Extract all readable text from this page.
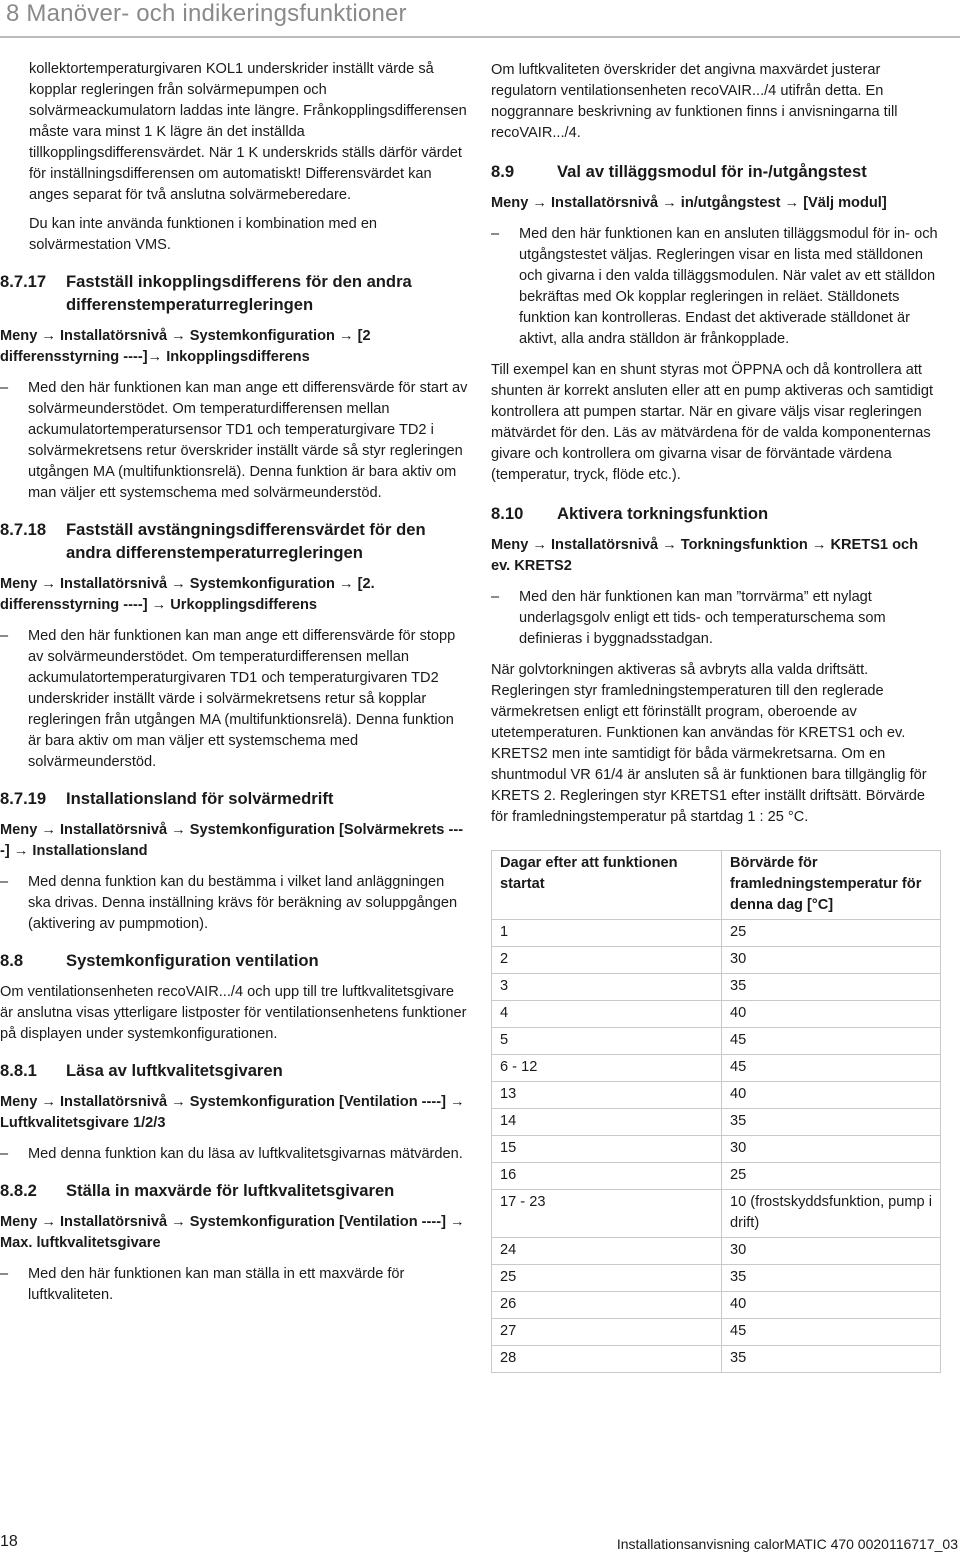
8 Manöver- och indikeringsfunktioner

kollektortemperaturgivaren KOL1 underskrider inställt värde så kopplar regleringen från solvärmepumpen och solvärmeackumulatorn laddas inte längre. Frånkopplingsdifferensen måste vara minst 1 K lägre än det inställda tillkopplingsdifferensvärdet. När 1 K underskrids ställs därför värdet för inställningsdifferensen om automatiskt! Differensvärdet kan anges separat för två anslutna solvärmeberedare.

Du kan inte använda funktionen i kombination med en solvärmestation VMS.

8.7.17	Fastställ inkopplingsdifferens för den andra differenstemperaturregleringen

Meny → Installatörsnivå → Systemkonfiguration → [2 differensstyrning ----]→ Inkopplingsdifferens

–	Med den här funktionen kan man ange ett differensvärde för start av solvärmeunderstödet. Om temperaturdifferensen mellan ackumulatortemperatursensor TD1 och temperaturgivare TD2 i solvärmekretsens retur överskrider inställt värde så styr regleringen utgången MA (multifunktionsrelä). Denna funktion är bara aktiv om man väljer ett systemschema med solvärmeunderstöd.
8.7.18	Fastställ avstängningsdifferensvärdet för den andra differenstemperaturregleringen

Meny → Installatörsnivå → Systemkonfiguration → [2. differensstyrning ----] → Urkopplingsdifferens

–	Med den här funktionen kan man ange ett differensvärde för stopp av solvärmeunderstödet. Om temperaturdifferensen mellan ackumulatortemperaturgivaren TD1 och temperaturgivaren TD2 underskrider inställt värde i solvärmekretsens retur så kopplar regleringen från utgången MA (multifunktionsrelä). Denna funktion är bara aktiv om man väljer ett systemschema med solvärmeunderstöd.
8.7.19	Installationsland för solvärmedrift

Meny → Installatörsnivå → Systemkonfiguration [Solvärmekrets ----] → Installationsland

–	Med denna funktion kan du bestämma i vilket land anläggningen ska drivas. Denna inställning krävs för beräkning av soluppgången (aktivering av pumpmotion).
8.8	Systemkonfiguration ventilation

Om ventilationsenheten recoVAIR.../4 och upp till tre luftkvalitetsgivare är anslutna visas ytterligare listposter för ventilationsenhetens funktioner på displayen under systemkonfigurationen.

8.8.1	Läsa av luftkvalitetsgivaren

Meny → Installatörsnivå → Systemkonfiguration [Ventilation ----] → Luftkvalitetsgivare 1/2/3

–	Med denna funktion kan du läsa av luftkvalitetsgivarnas mätvärden.
8.8.2	Ställa in maxvärde för luftkvalitetsgivaren

Meny → Installatörsnivå → Systemkonfiguration [Ventilation ----] → Max. luftkvalitetsgivare

–	Med den här funktionen kan man ställa in ett maxvärde för luftkvaliteten.

Om luftkvaliteten överskrider det angivna maxvärdet justerar regulatorn ventilationsenheten recoVAIR.../4 utifrån detta. En noggrannare beskrivning av funktionen finns i anvisningarna till recoVAIR.../4.

8.9	Val av tilläggsmodul för in-/utgångstest

Meny → Installatörsnivå → in/utgångstest → [Välj modul]

–	Med den här funktionen kan en ansluten tilläggsmodul för in- och utgångstestet väljas. Regleringen visar en lista med ställdonen och givarna i den valda tilläggsmodulen. När valet av ett ställdon bekräftas med Ok kopplar regleringen in reläet. Ställdonets funktion kan kontrolleras. Endast det aktiverade ställdonet är aktivt, alla andra ställdon är frånkopplade.

Till exempel kan en shunt styras mot ÖPPNA och då kontrollera att shunten är korrekt ansluten eller att en pump aktiveras och samtidigt kontrollera att pumpen startar. När en givare väljs visar regleringen mätvärdet för den. Läs av mätvärdena för de valda komponenternas givare och kontrollera om givarna visar de förväntade värdena (temperatur, tryck, flöde etc.).

8.10	Aktivera torkningsfunktion

Meny → Installatörsnivå → Torkningsfunktion → KRETS1 och ev. KRETS2

–	Med den här funktionen kan man ”torrvärma” ett nylagt underlagsgolv enligt ett tids- och temperaturschema som definieras i byggnadsstadgan.

När golvtorkningen aktiveras så avbryts alla valda driftsätt. Regleringen styr framledningstemperaturen till den reglerade värmekretsen enligt ett förinställt program, oberoende av utetemperaturen. Funktionen kan användas för KRETS1 och ev. KRETS2 men inte samtidigt för båda värmekretsarna. Om en shuntmodul VR 61/4 är ansluten så är funktionen bara tillgänglig för KRETS 2. Regleringen styr KRETS1 efter inställt driftsätt. Börvärde för framledningstemperatur på startdag 1 : 25 °C.

Dagar efter att funktionen startat	Börvärde för framledningstemperatur för denna dag [°C]
1	25
2	30
3	35
4	40
5	45
6 - 12	45
13	40
14	35
15	30
16	25
17 - 23	10 (frostskyddsfunktion, pump i drift)
24	30
25	35
26	40
27	45
28	35
18	Installationsanvisning calorMATIC 470 0020116717_03
